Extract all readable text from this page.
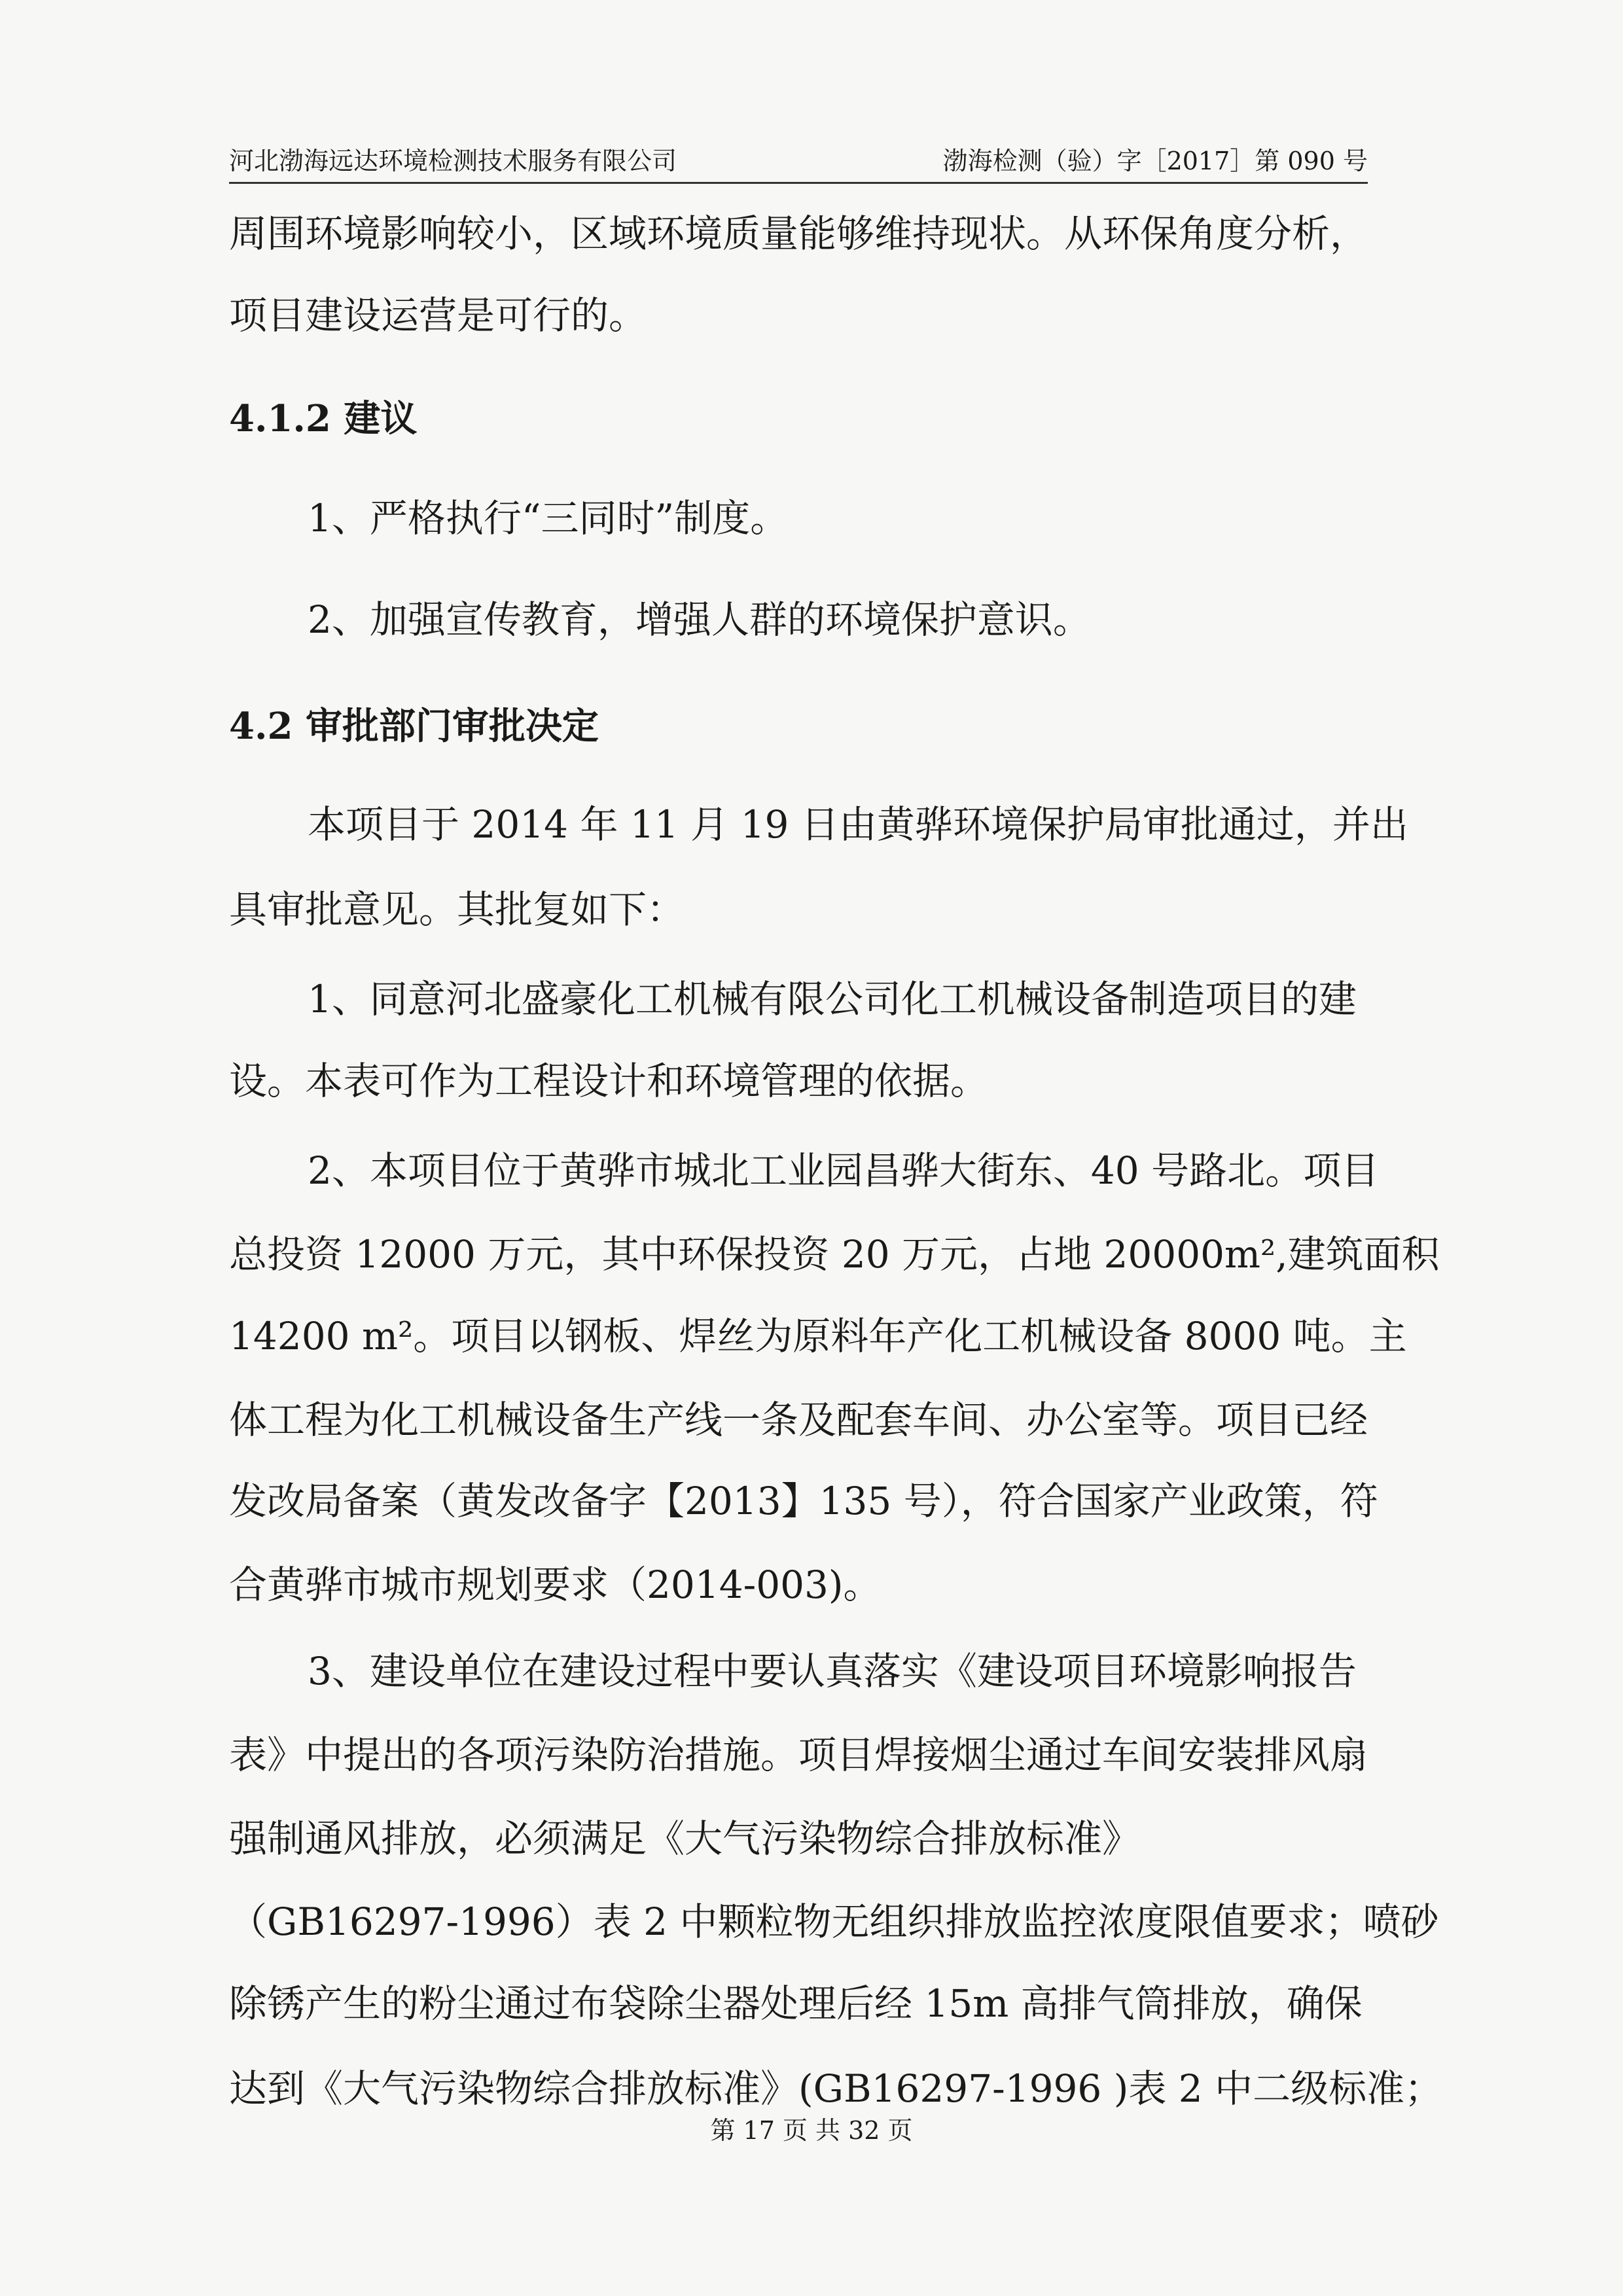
河北渤海远达环境检测技术服务有限公司	渤海检测（验）字［2017］第 090 号
周围环境影响较小，区域环境质量能够维持现状。从环保角度分析，
项目建设运营是可行的。
4.1.2 建议
1、严格执行“三同时”制度。
2、加强宣传教育，增强人群的环境保护意识。
4.2 审批部门审批决定
本项目于 2014 年 11 月 19 日由黄骅环境保护局审批通过，并出
具审批意见。其批复如下：
1、同意河北盛豪化工机械有限公司化工机械设备制造项目的建
设。本表可作为工程设计和环境管理的依据。
2、本项目位于黄骅市城北工业园昌骅大街东、40 号路北。项目
总投资 12000 万元，其中环保投资 20 万元，占地 20000m²,建筑面积
14200 m²。项目以钢板、焊丝为原料年产化工机械设备 8000 吨。主
体工程为化工机械设备生产线一条及配套车间、办公室等。项目已经
发改局备案（黄发改备字【2013】135 号），符合国家产业政策，符
合黄骅市城市规划要求（2014-003)。
3、建设单位在建设过程中要认真落实《建设项目环境影响报告
表》中提出的各项污染防治措施。项目焊接烟尘通过车间安装排风扇
强制通风排放，必须满足《大气污染物综合排放标准》
（GB16297-1996）表 2 中颗粒物无组织排放监控浓度限值要求；喷砂
除锈产生的粉尘通过布袋除尘器处理后经 15m 高排气筒排放，确保
达到《大气污染物综合排放标准》(GB16297-1996 )表 2 中二级标准；
第 17 页 共 32 页
